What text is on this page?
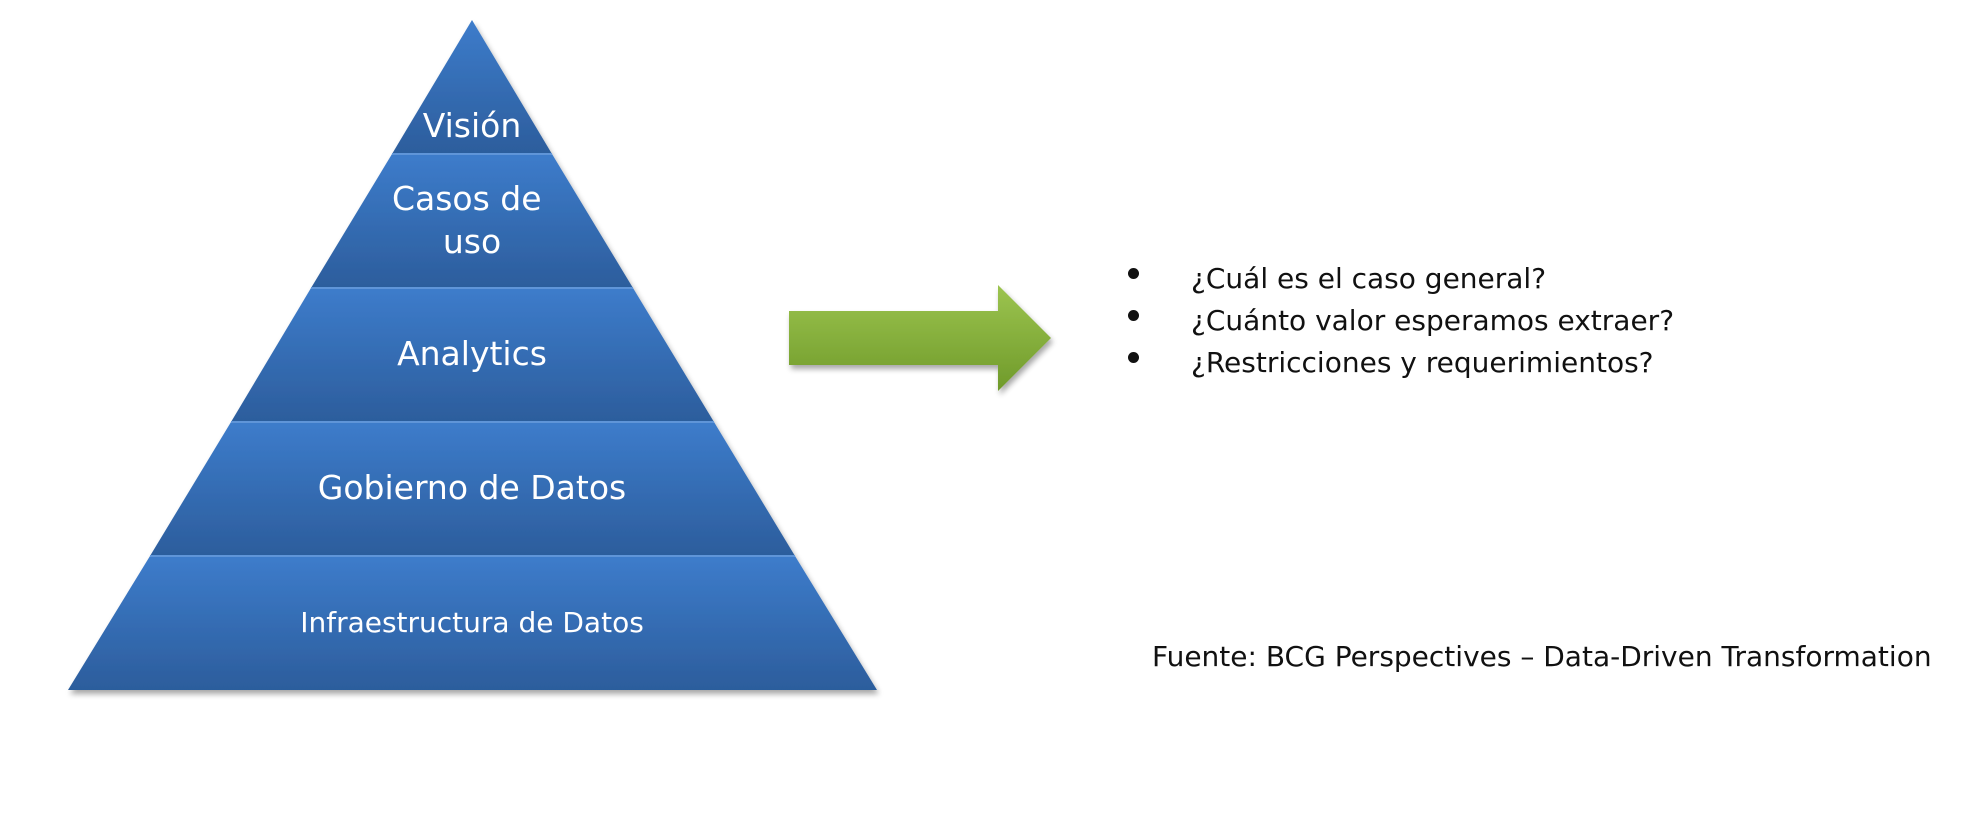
Visión
Casos de uso
Analytics
Gobierno de Datos
Infraestructura de Datos
¿Cuál es el caso general?
¿Cuánto valor esperamos extraer?
¿Restricciones y requerimientos?
Fuente: BCG Perspectives – Data-Driven Transformation
